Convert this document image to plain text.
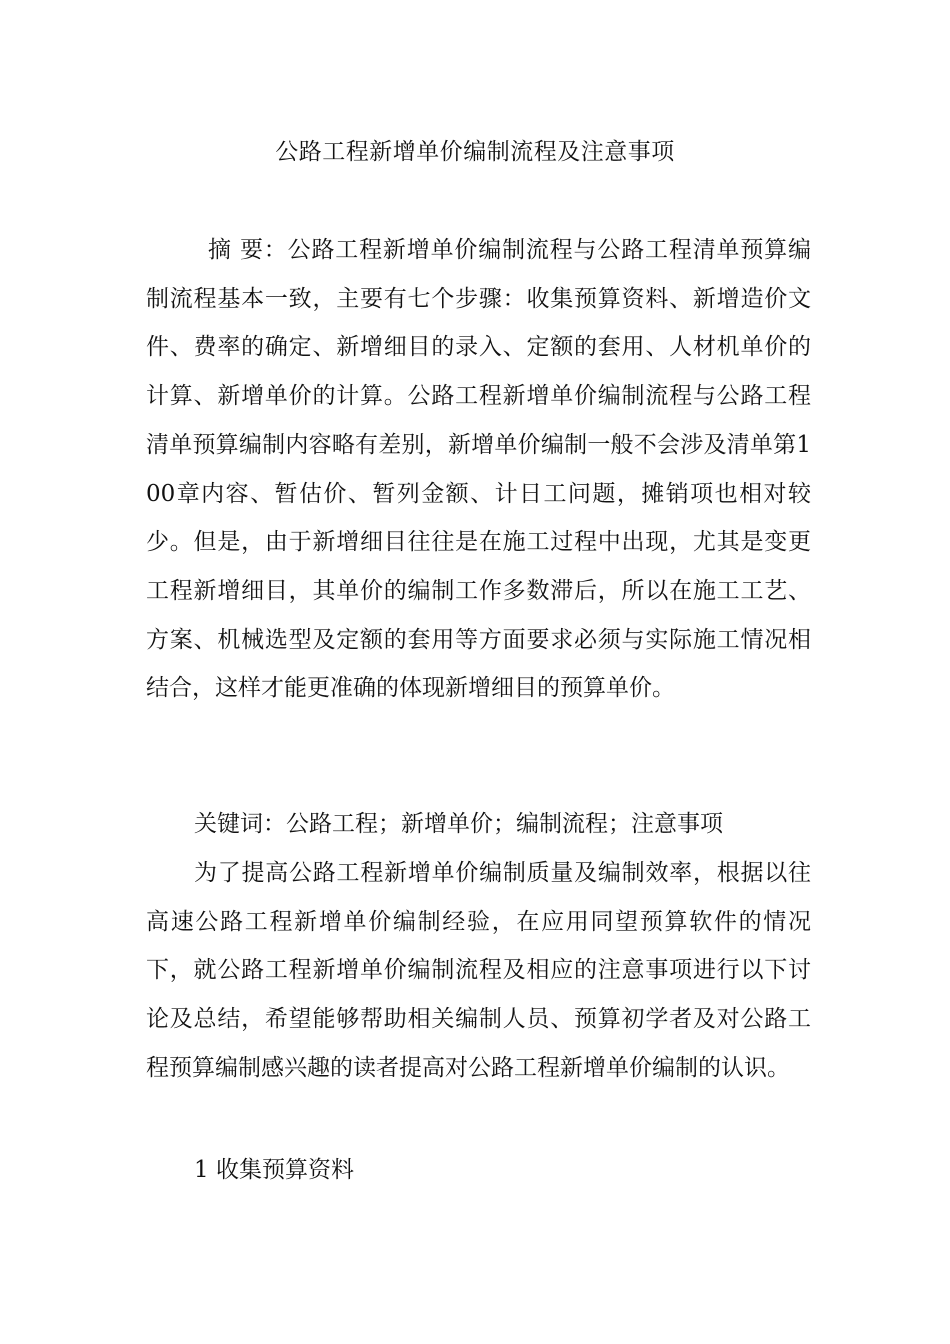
公路工程新增单价编制流程及注意事项
摘 要：公路工程新增单价编制流程与公路工程清单预算编制流程基本一致，主要有七个步骤：收集预算资料、新增造价文件、费率的确定、新增细目的录入、定额的套用、人材机单价的计算、新增单价的计算。公路工程新增单价编制流程与公路工程清单预算编制内容略有差别，新增单价编制一般不会涉及清单第100章内容、暂估价、暂列金额、计日工问题，摊销项也相对较少。但是，由于新增细目往往是在施工过程中出现，尤其是变更工程新增细目，其单价的编制工作多数滞后，所以在施工工艺、方案、机械选型及定额的套用等方面要求必须与实际施工情况相结合，这样才能更准确的体现新增细目的预算单价。
关键词：公路工程；新增单价；编制流程；注意事项
为了提高公路工程新增单价编制质量及编制效率，根据以往高速公路工程新增单价编制经验，在应用同望预算软件的情况下，就公路工程新增单价编制流程及相应的注意事项进行以下讨论及总结，希望能够帮助相关编制人员、预算初学者及对公路工程预算编制感兴趣的读者提高对公路工程新增单价编制的认识。
1 收集预算资料
